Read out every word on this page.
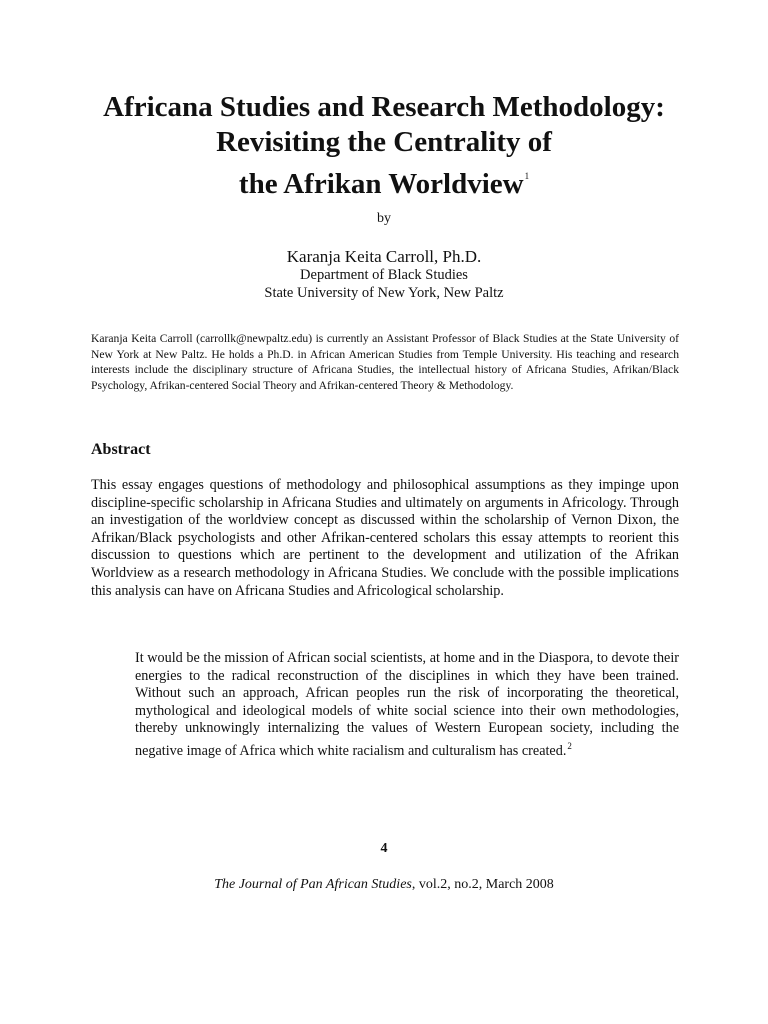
Africana Studies and Research Methodology:
Revisiting the Centrality of
the Afrikan Worldview$^1$
by
Karanja Keita Carroll, Ph.D.
Department of Black Studies
State University of New York, New Paltz

Karanja Keita Carroll (carrollk@newpaltz.edu) is currently an Assistant Professor of Black Studies at the State University of New York at New Paltz. He holds a Ph.D. in African American Studies from Temple University. His teaching and research interests include the disciplinary structure of Africana Studies, the intellectual history of Africana Studies, Afrikan/Black Psychology, Afrikan-centered Social Theory and Afrikan-centered Theory & Methodology.

Abstract

This essay engages questions of methodology and philosophical assumptions as they impinge upon discipline-specific scholarship in Africana Studies and ultimately on arguments in Africology. Through an investigation of the worldview concept as discussed within the scholarship of Vernon Dixon, the Afrikan/Black psychologists and other Afrikan-centered scholars this essay attempts to reorient this discussion to questions which are pertinent to the development and utilization of the Afrikan Worldview as a research methodology in Africana Studies. We conclude with the possible implications this analysis can have on Africana Studies and Africological scholarship.

It would be the mission of African social scientists, at home and in the Diaspora, to devote their energies to the radical reconstruction of the disciplines in which they have been trained. Without such an approach, African peoples run the risk of incorporating the theoretical, mythological and ideological models of white social science into their own methodologies, thereby unknowingly internalizing the values of Western European society, including the negative image of Africa which white racialism and culturalism has created.$^2$

4
The Journal of Pan African Studies, vol.2, no.2, March 2008
